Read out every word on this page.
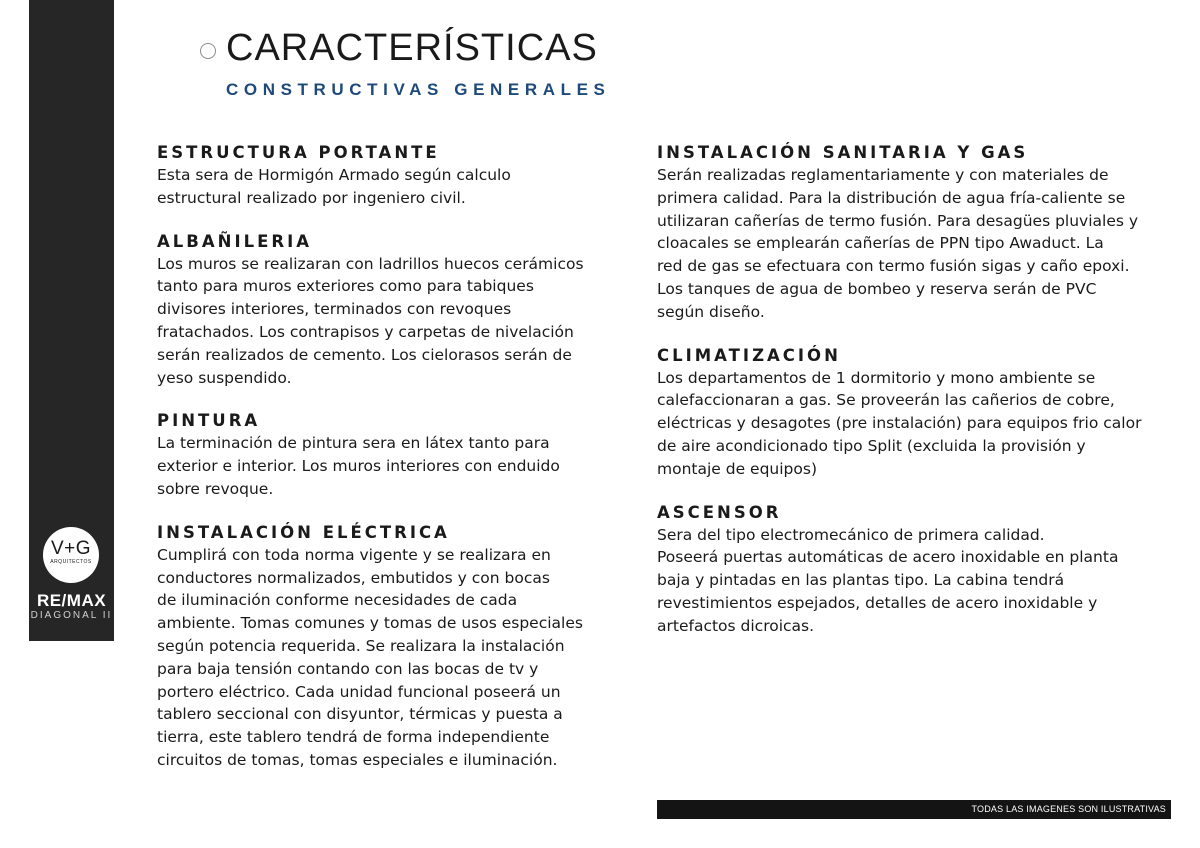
V+G
ARQUITECTOS
RE/MAX
DIAGONAL II
CARACTERÍSTICAS
CONSTRUCTIVAS GENERALES
ESTRUCTURA PORTANTE
Esta sera de Hormigón Armado según calculo
estructural realizado por ingeniero civil.
ALBAÑILERIA
Los muros se realizaran con ladrillos huecos cerámicos
tanto para muros exteriores como para tabiques
divisores interiores, terminados con revoques
fratachados. Los contrapisos y carpetas de nivelación
serán realizados de cemento. Los cielorasos serán de
yeso suspendido.
PINTURA
La terminación de pintura sera en látex tanto para
exterior e interior. Los muros interiores con enduido
sobre revoque.
INSTALACIÓN ELÉCTRICA
Cumplirá con toda norma vigente y se realizara en
conductores normalizados, embutidos y con bocas
de iluminación conforme necesidades de cada
ambiente. Tomas comunes y tomas de usos especiales
según potencia requerida. Se realizara la instalación
para baja tensión contando con las bocas de tv y
portero eléctrico. Cada unidad funcional poseerá un
tablero seccional con disyuntor, térmicas y puesta a
tierra, este tablero tendrá de forma independiente
circuitos de tomas, tomas especiales e iluminación.
INSTALACIÓN SANITARIA Y GAS
Serán realizadas reglamentariamente y con materiales de
primera calidad. Para la distribución de agua fría-caliente se
utilizaran cañerías de termo fusión. Para desagües pluviales y
cloacales se emplearán cañerías de PPN tipo Awaduct. La
red de gas se efectuara con termo fusión sigas y caño epoxi.
Los tanques de agua de bombeo y reserva serán de PVC
según diseño.
CLIMATIZACIÓN
Los departamentos de 1 dormitorio y mono ambiente se
calefaccionaran a gas. Se proveerán las cañerios de cobre,
eléctricas y desagotes (pre instalación) para equipos frio calor
de aire acondicionado tipo Split (excluida la provisión y
montaje de equipos)
ASCENSOR
Sera del tipo electromecánico de primera calidad.
Poseerá puertas automáticas de acero inoxidable en planta
baja y pintadas en las plantas tipo. La cabina tendrá
revestimientos espejados, detalles de acero inoxidable y
artefactos dicroicas.
TODAS LAS IMAGENES SON ILUSTRATIVAS
